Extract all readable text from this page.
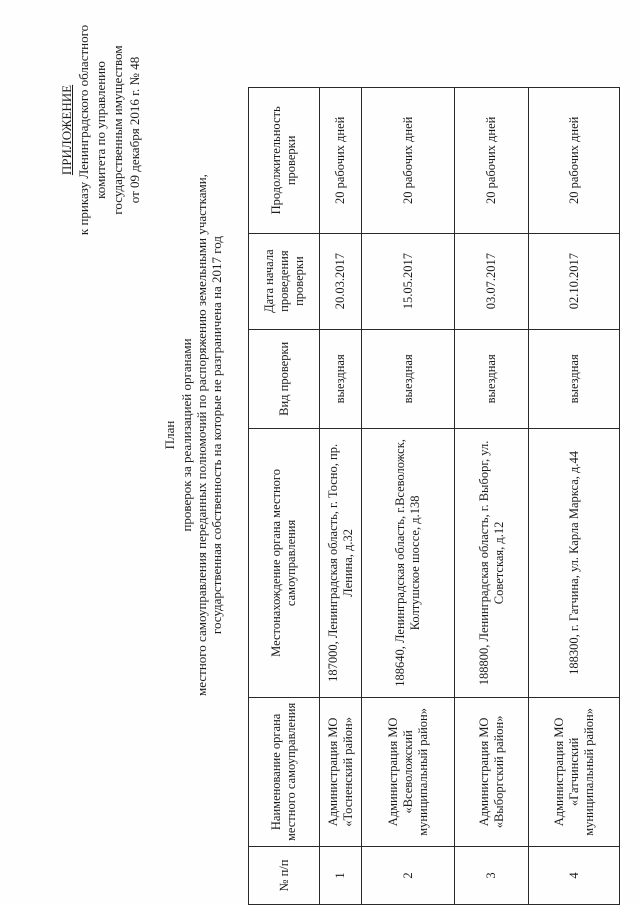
ПРИЛОЖЕНИЕ к приказу Ленинградского областного комитета по управлению государственным имуществом от 09 декабря 2016 г. № 48
План проверок за реализацией органами местного самоуправления переданных полномочий по распоряжению земельными участками, государственная собственность на которые не разграничена на 2017 год
№ п/п	Наименование органа местного самоуправления	Местонахождение органа местного самоуправления	Вид проверки	Дата начала проведения проверки	Продолжительность проверки
1	Администрация МО «Тосненский район»	187000, Ленинградская область, г. Тосно, пр. Ленина, д.32	выездная	20.03.2017	20 рабочих дней
2	Администрация МО «Всеволожский муниципальный район»	188640, Ленинградская область, г.Всеволожск, Колтушское шоссе, д.138	выездная	15.05.2017	20 рабочих дней
3	Администрация МО «Выборгский район»	188800, Ленинградская область, г. Выборг, ул. Советская, д.12	выездная	03.07.2017	20 рабочих дней
4	Администрация МО «Гатчинский муниципальный район»	188300, г. Гатчина, ул. Карла Маркса, д.44	выездная	02.10.2017	20 рабочих дней
